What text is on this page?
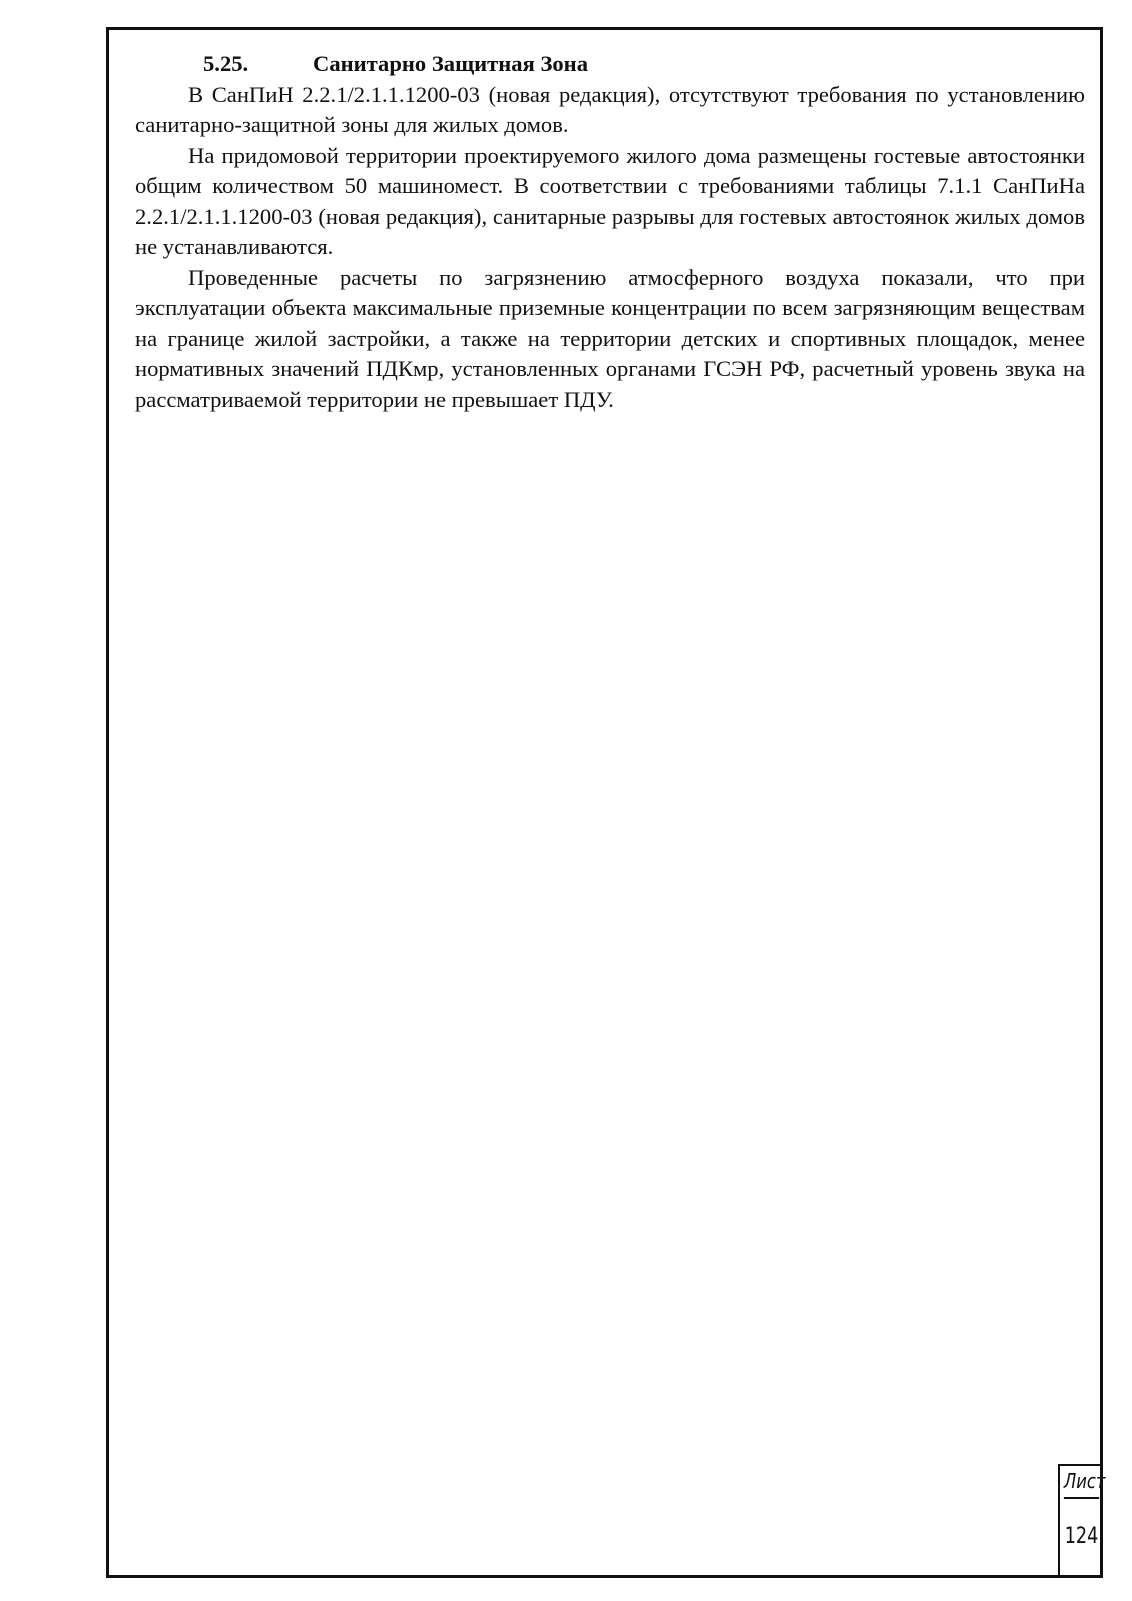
5.25.	Санитарно Защитная Зона

В СанПиН 2.2.1/2.1.1.1200-03 (новая редакция), отсутствуют требования по установлению санитарно-защитной зоны для жилых домов.

На придомовой территории проектируемого жилого дома размещены гостевые автостоянки общим количеством 50 машиномест. В соответствии с требованиями таблицы 7.1.1 СанПиНа 2.2.1/2.1.1.1200-03 (новая редакция), санитарные разрывы для гостевых автостоянок жилых домов не устанавливаются.

Проведенные расчеты по загрязнению атмосферного воздуха показали, что при эксплуатации объекта максимальные приземные концентрации по всем загрязняющим веществам на границе жилой застройки, а также на территории детских и спортивных площадок, менее нормативных значений ПДКмр, установленных органами ГСЭН РФ, расчетный уровень звука на рассматриваемой территории не превышает ПДУ.

Лист
124
